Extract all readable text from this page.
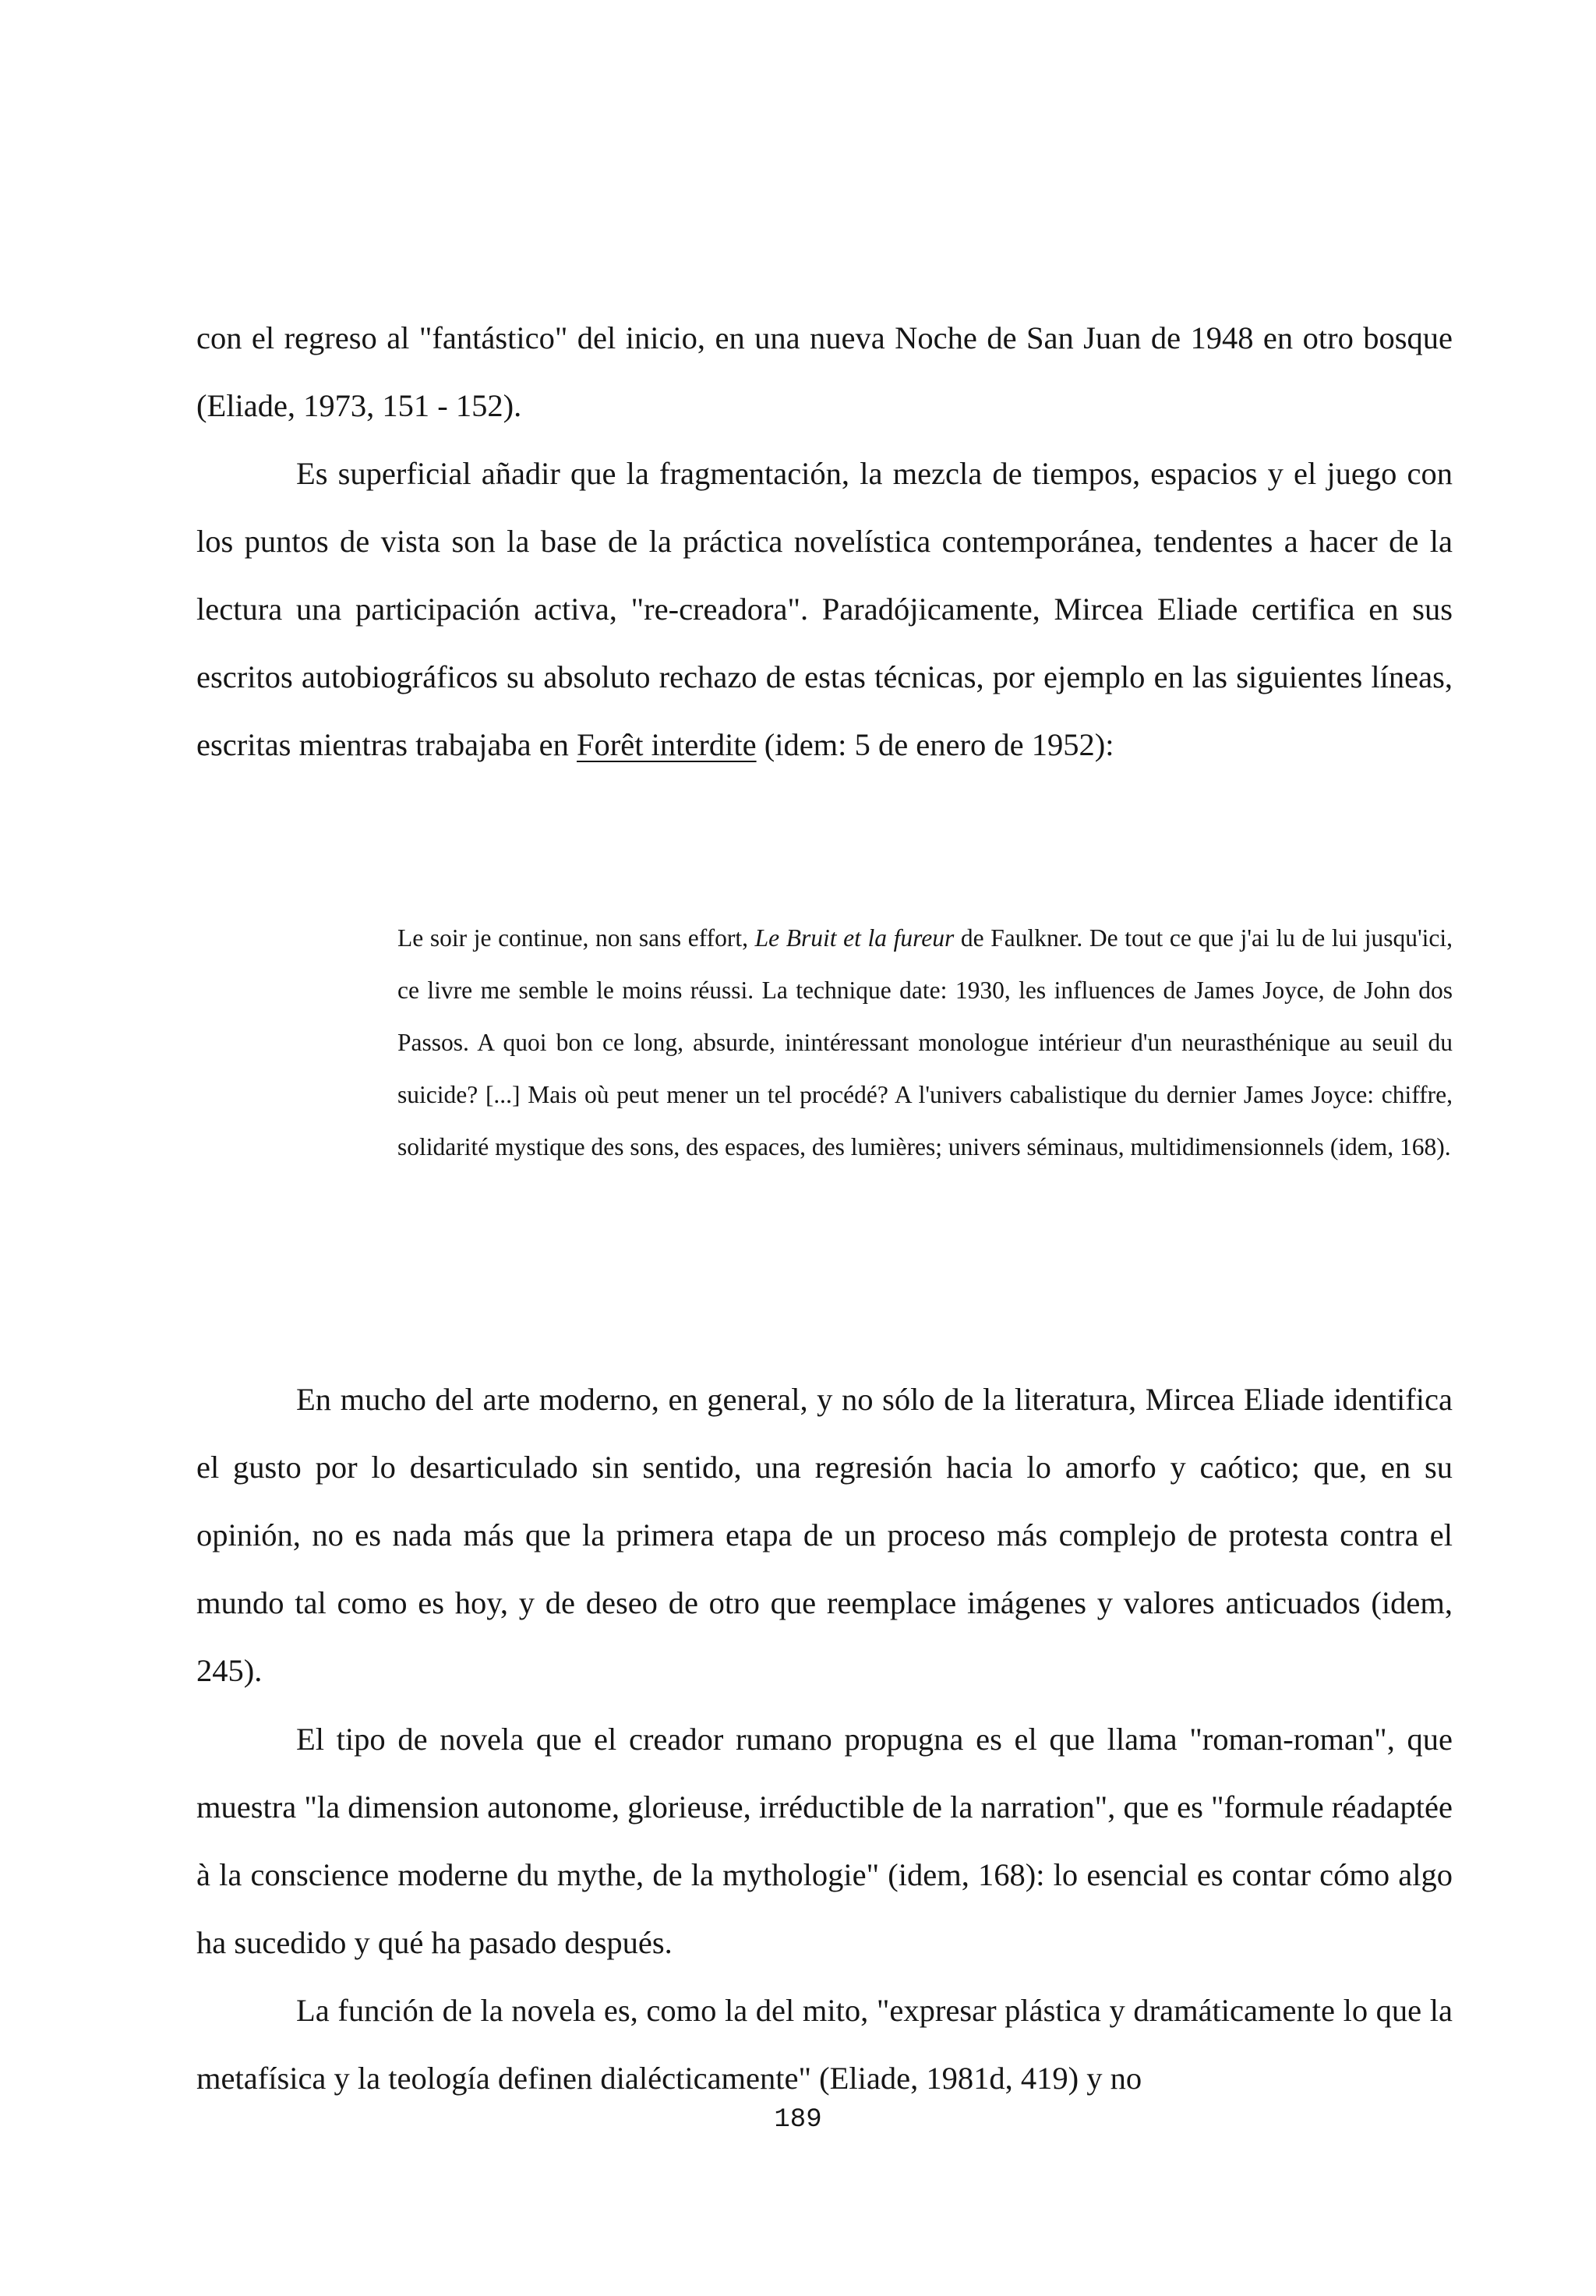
con el regreso al "fantástico" del inicio, en una nueva Noche de San Juan de 1948 en otro bosque (Eliade, 1973, 151 - 152).

Es superficial añadir que la fragmentación, la mezcla de tiempos, espacios y el juego con los puntos de vista son la base de la práctica novelística contemporánea, tendentes a hacer de la lectura una participación activa, "re-creadora". Paradójicamente, Mircea Eliade certifica en sus escritos autobiográficos su absoluto rechazo de estas técnicas, por ejemplo en las siguientes líneas, escritas mientras trabajaba en Forêt interdite (idem: 5 de enero de 1952):

Le soir je continue, non sans effort, Le Bruit et la fureur de Faulkner. De tout ce que j'ai lu de lui jusqu'ici, ce livre me semble le moins réussi. La technique date: 1930, les influences de James Joyce, de John dos Passos. A quoi bon ce long, absurde, inintéressant monologue intérieur d'un neurasthénique au seuil du suicide? [...] Mais où peut mener un tel procédé? A l'univers cabalistique du dernier James Joyce: chiffre, solidarité mystique des sons, des espaces, des lumières; univers séminaus, multidimensionnels (idem, 168).

En mucho del arte moderno, en general, y no sólo de la literatura, Mircea Eliade identifica el gusto por lo desarticulado sin sentido, una regresión hacia lo amorfo y caótico; que, en su opinión, no es nada más que la primera etapa de un proceso más complejo de protesta contra el mundo tal como es hoy, y de deseo de otro que reemplace imágenes y valores anticuados (idem, 245).

El tipo de novela que el creador rumano propugna es el que llama "roman-roman", que muestra "la dimension autonome, glorieuse, irréductible de la narration", que es "formule réadaptée à la conscience moderne du mythe, de la mythologie" (idem, 168): lo esencial es contar cómo algo ha sucedido y qué ha pasado después.

La función de la novela es, como la del mito, "expresar plástica y dramáticamente lo que la metafísica y la teología definen dialécticamente" (Eliade, 1981d, 419) y no

189
